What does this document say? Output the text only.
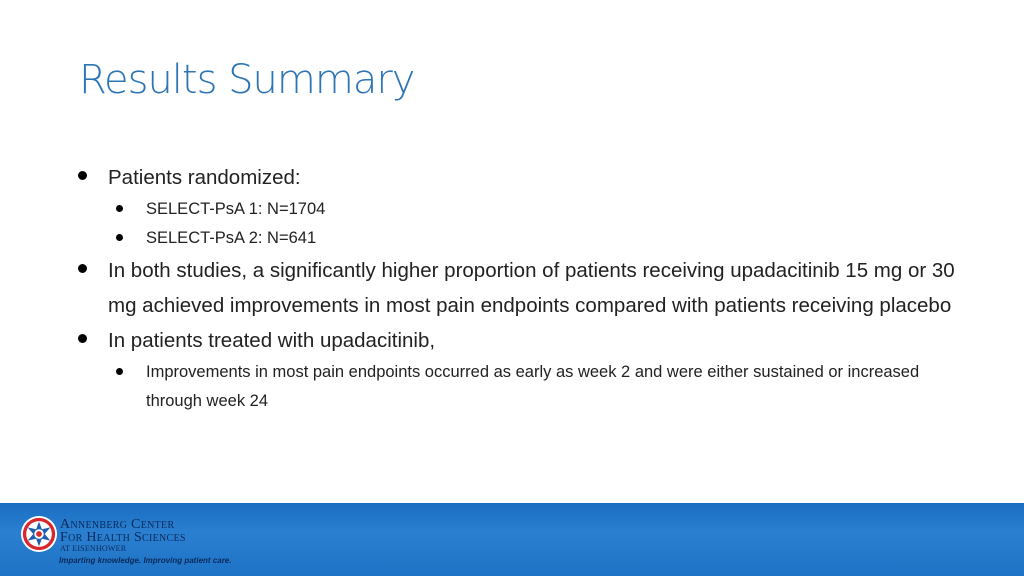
Results Summary
Patients randomized:
SELECT-PsA 1: N=1704
SELECT-PsA 2: N=641
In both studies, a significantly higher proportion of patients receiving upadacitinib 15 mg or 30 mg achieved improvements in most pain endpoints compared with patients receiving placebo
In patients treated with upadacitinib,
Improvements in most pain endpoints occurred as early as week 2 and were either sustained or increased through week 24
Annenberg Center
For Health Sciences
AT EISENHOWER
Imparting knowledge. Improving patient care.
